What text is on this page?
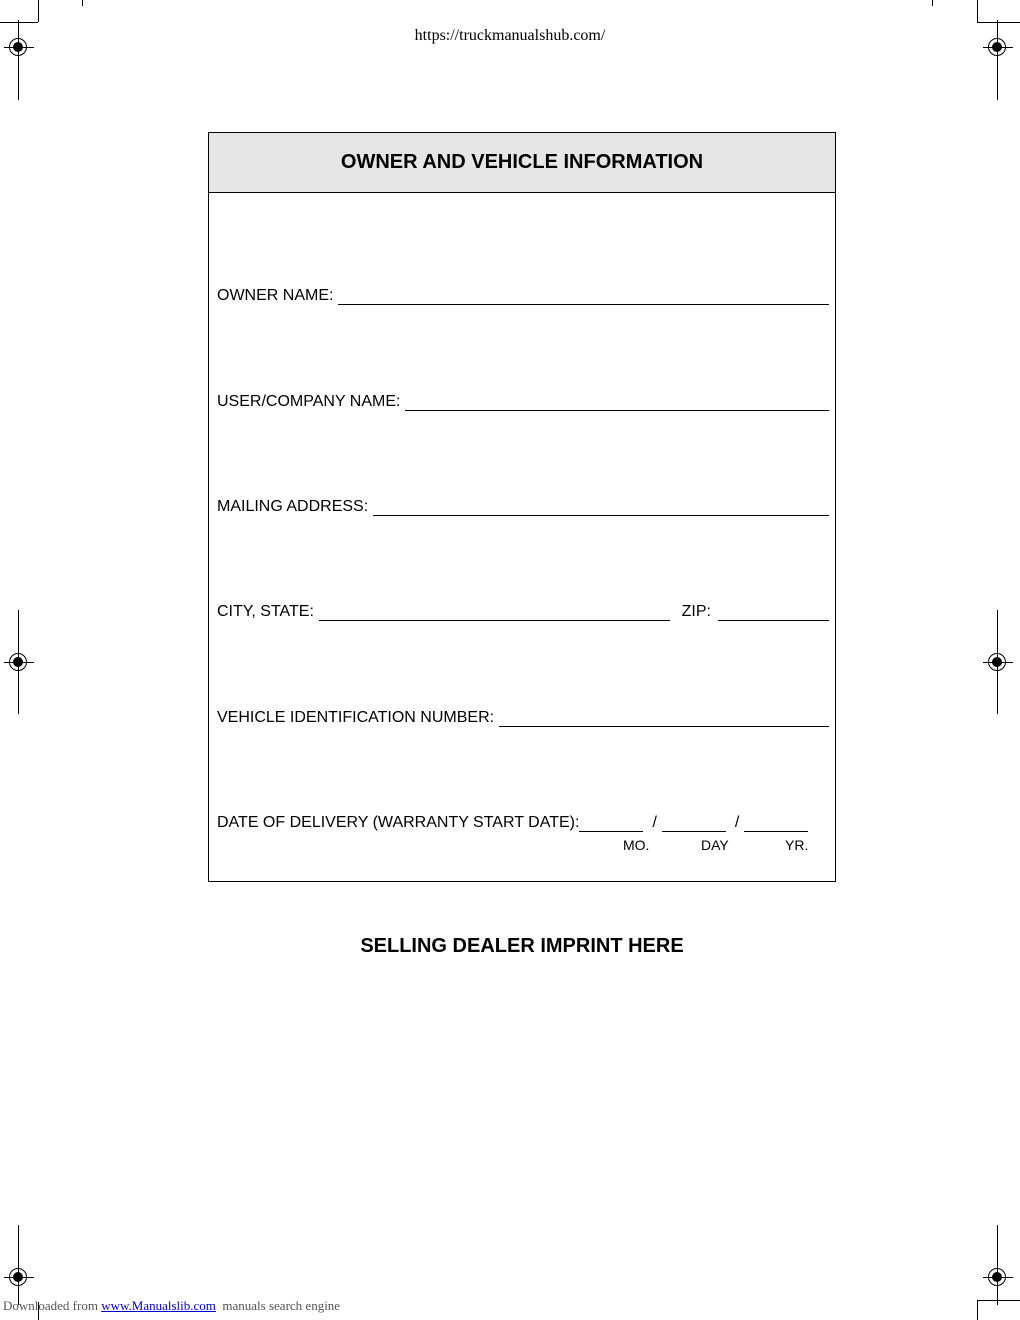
https://truckmanualshub.com/
OWNER AND VEHICLE INFORMATION
OWNER NAME:
USER/COMPANY NAME:
MAILING ADDRESS:
CITY, STATE:	ZIP:
VEHICLE IDENTIFICATION NUMBER:
DATE OF DELIVERY (WARRANTY START DATE):	/	/
MO.	DAY	YR.
SELLING DEALER IMPRINT HERE
Downloaded from www.Manualslib.com manuals search engine
